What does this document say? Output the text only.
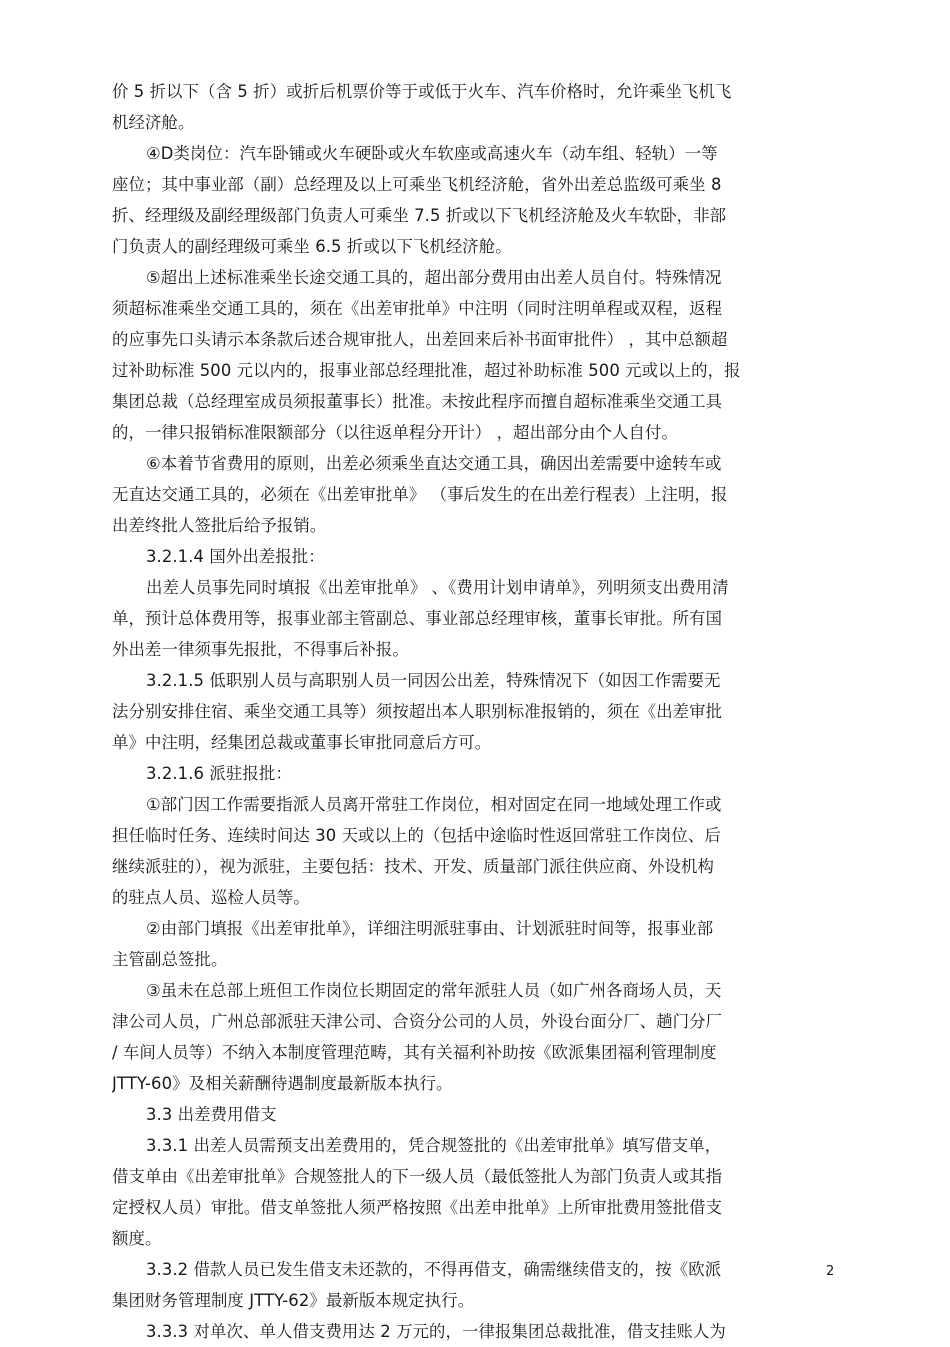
价 5 折以下（含 5 折）或折后机票价等于或低于火车、汽车价格时，允许乘坐飞机飞
机经济舱。
④D类岗位：汽车卧铺或火车硬卧或火车软座或高速火车（动车组、轻轨）一等
座位；其中事业部（副）总经理及以上可乘坐飞机经济舱，省外出差总监级可乘坐 8
折、经理级及副经理级部门负责人可乘坐 7.5 折或以下飞机经济舱及火车软卧，非部
门负责人的副经理级可乘坐 6.5 折或以下飞机经济舱。
⑤超出上述标准乘坐长途交通工具的，超出部分费用由出差人员自付。特殊情况
须超标准乘坐交通工具的，须在《出差审批单》中注明（同时注明单程或双程，返程
的应事先口头请示本条款后述合规审批人，出差回来后补书面审批件） ，其中总额超
过补助标准 500 元以内的，报事业部总经理批准，超过补助标准 500 元或以上的，报
集团总裁（总经理室成员须报董事长）批准。未按此程序而擅自超标准乘坐交通工具
的，一律只报销标准限额部分（以往返单程分开计） ，超出部分由个人自付。
⑥本着节省费用的原则，出差必须乘坐直达交通工具，确因出差需要中途转车或
无直达交通工具的，必须在《出差审批单》 （事后发生的在出差行程表）上注明，报
出差终批人签批后给予报销。
3.2.1.4 国外出差报批：
出差人员事先同时填报《出差审批单》 、《费用计划申请单》，列明须支出费用清
单，预计总体费用等，报事业部主管副总、事业部总经理审核，董事长审批。所有国
外出差一律须事先报批，不得事后补报。
3.2.1.5 低职别人员与高职别人员一同因公出差，特殊情况下（如因工作需要无
法分别安排住宿、乘坐交通工具等）须按超出本人职别标准报销的，须在《出差审批
单》中注明，经集团总裁或董事长审批同意后方可。
3.2.1.6 派驻报批：
①部门因工作需要指派人员离开常驻工作岗位，相对固定在同一地域处理工作或
担任临时任务、连续时间达 30 天或以上的（包括中途临时性返回常驻工作岗位、后
继续派驻的），视为派驻，主要包括：技术、开发、质量部门派往供应商、外设机构
的驻点人员、巡检人员等。
②由部门填报《出差审批单》，详细注明派驻事由、计划派驻时间等，报事业部
主管副总签批。
③虽未在总部上班但工作岗位长期固定的常年派驻人员（如广州各商场人员，天
津公司人员，广州总部派驻天津公司、合资分公司的人员，外设台面分厂、趟门分厂
/ 车间人员等）不纳入本制度管理范畴，其有关福利补助按《欧派集团福利管理制度
JTTY-60》及相关薪酬待遇制度最新版本执行。
3.3 出差费用借支
3.3.1 出差人员需预支出差费用的，凭合规签批的《出差审批单》填写借支单，
借支单由《出差审批单》合规签批人的下一级人员（最低签批人为部门负责人或其指
定授权人员）审批。借支单签批人须严格按照《出差申批单》上所审批费用签批借支
额度。
3.3.2 借款人员已发生借支未还款的，不得再借支，确需继续借支的，按《欧派
集团财务管理制度 JTTY-62》最新版本规定执行。
3.3.3 对单次、单人借支费用达 2 万元的，一律报集团总裁批准，借支挂账人为
2
